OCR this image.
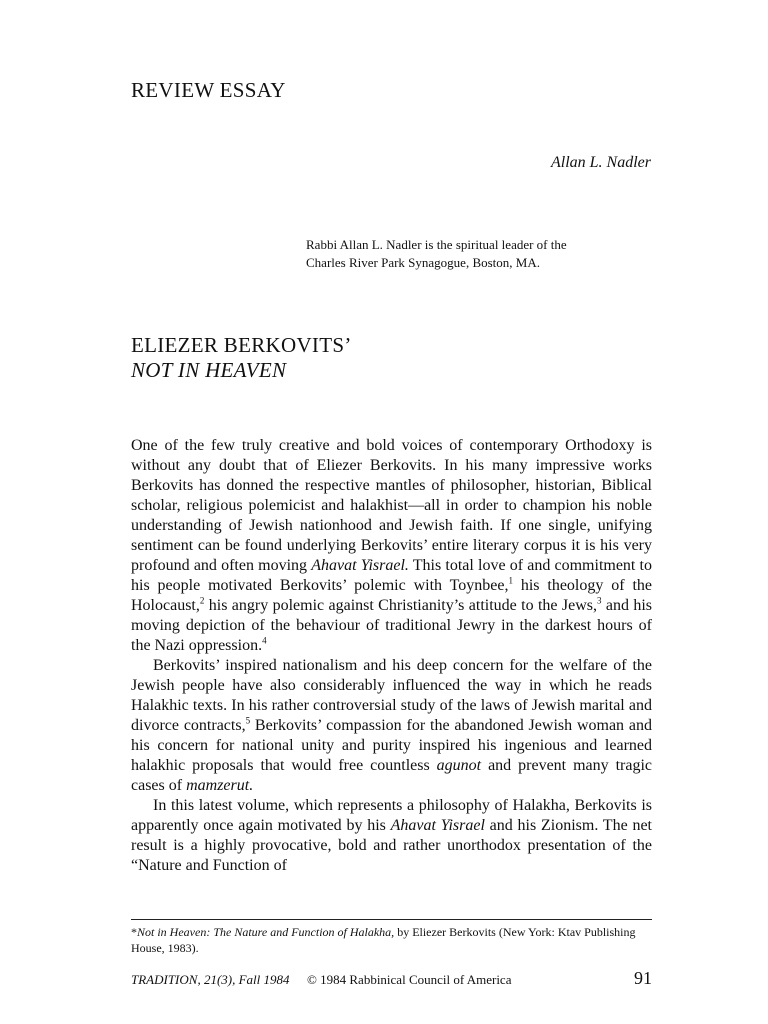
REVIEW ESSAY
Allan L. Nadler
Rabbi Allan L. Nadler is the spiritual leader of the
Charles River Park Synagogue, Boston, MA.
ELIEZER BERKOVITS’
NOT IN HEAVEN

One of the few truly creative and bold voices of contemporary Orthodoxy is without any doubt that of Eliezer Berkovits. In his many impressive works Berkovits has donned the respective mantles of philosopher, historian, Biblical scholar, religious polemicist and halakhist—all in order to champion his noble understanding of Jewish nationhood and Jewish faith. If one single, unifying sentiment can be found underlying Berkovits’ entire literary corpus it is his very profound and often moving Ahavat Yisrael. This total love of and commitment to his people motivated Berkovits’ polemic with Toynbee,$^1$ his theology of the Holocaust,$^2$ his angry polemic against Christianity’s attitude to the Jews,$^3$ and his moving depiction of the behaviour of traditional Jewry in the darkest hours of the Nazi oppression.$^4$

Berkovits’ inspired nationalism and his deep concern for the welfare of the Jewish people have also considerably influenced the way in which he reads Halakhic texts. In his rather controversial study of the laws of Jewish marital and divorce contracts,$^5$ Berkovits’ compassion for the abandoned Jewish woman and his concern for national unity and purity inspired his ingenious and learned halakhic proposals that would free countless agunot and prevent many tragic cases of mamzerut.

In this latest volume, which represents a philosophy of Halakha, Berkovits is apparently once again motivated by his Ahavat Yisrael and his Zionism. The net result is a highly provocative, bold and rather unorthodox presentation of the “Nature and Function of

*Not in Heaven: The Nature and Function of Halakha, by Eliezer Berkovits (New York: Ktav Publishing House, 1983).
TRADITION, 21(3), Fall 1984 © 1984 Rabbinical Council of America	91
